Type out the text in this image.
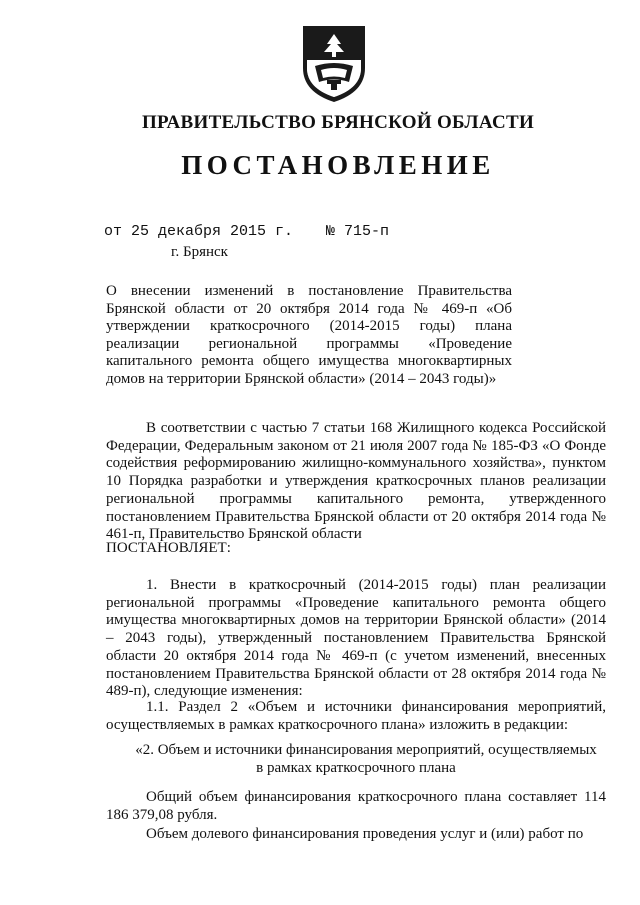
ПРАВИТЕЛЬСТВО БРЯНСКОЙ ОБЛАСТИ
ПОСТАНОВЛЕНИЕ
от 25 декабря 2015 г. № 715-п
г. Брянск
О внесении изменений в постановление Правительства Брянской области от 20 октября 2014 года № 469-п «Об утверждении краткосрочного (2014-2015 годы) плана реализации региональной программы «Проведение капитального ремонта общего имущества многоквартирных домов на территории Брянской области» (2014 – 2043 годы)»
В соответствии с частью 7 статьи 168 Жилищного кодекса Российской Федерации, Федеральным законом от 21 июля 2007 года № 185-ФЗ «О Фонде содействия реформированию жилищно-коммунального хозяйства», пунктом 10 Порядка разработки и утверждения краткосрочных планов реализации региональной программы капитального ремонта, утвержденного постановлением Правительства Брянской области от 20 октября 2014 года № 461-п, Правительство Брянской области
ПОСТАНОВЛЯЕТ:
1. Внести в краткосрочный (2014-2015 годы) план реализации региональной программы «Проведение капитального ремонта общего имущества многоквартирных домов на территории Брянской области» (2014 – 2043 годы), утвержденный постановлением Правительства Брянской области 20 октября 2014 года № 469-п (с учетом изменений, внесенных постановлением Правительства Брянской области от 28 октября 2014 года № 489-п), следующие изменения:
1.1. Раздел 2 «Объем и источники финансирования мероприятий, осуществляемых в рамках краткосрочного плана» изложить в редакции:
«2. Объем и источники финансирования мероприятий, осуществляемых
в рамках краткосрочного плана
Общий объем финансирования краткосрочного плана составляет 114 186 379,08 рубля.
Объем долевого финансирования проведения услуг и (или) работ по
